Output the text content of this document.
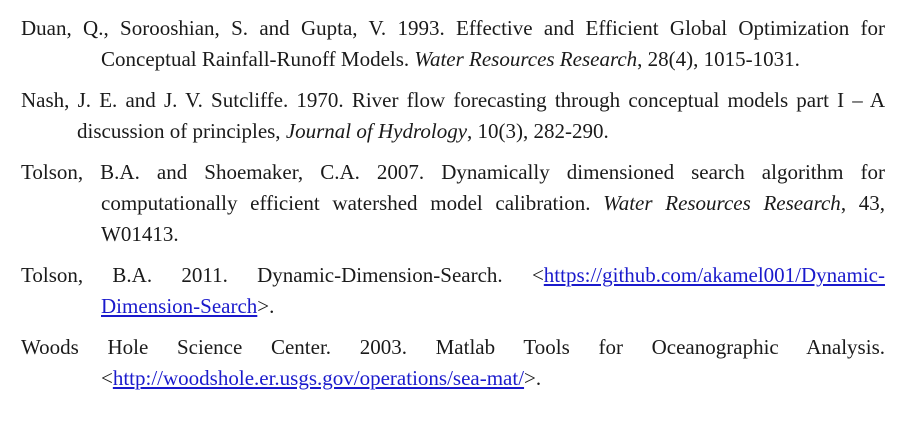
Duan, Q., Sorooshian, S. and Gupta, V. 1993. Effective and Efficient Global Optimization for Conceptual Rainfall-Runoff Models. Water Resources Research, 28(4), 1015-1031.

Nash, J. E. and J. V. Sutcliffe. 1970. River flow forecasting through conceptual models part I – A discussion of principles, Journal of Hydrology, 10(3), 282-290.

Tolson, B.A. and Shoemaker, C.A. 2007. Dynamically dimensioned search algorithm for computationally efficient watershed model calibration. Water Resources Research, 43, W01413.

Tolson, B.A. 2011. Dynamic-Dimension-Search. <https://github.com/akamel001/Dynamic-Dimension-Search>.

Woods Hole Science Center. 2003. Matlab Tools for Oceanographic Analysis. <http://woodshole.er.usgs.gov/operations/sea-mat/>.
